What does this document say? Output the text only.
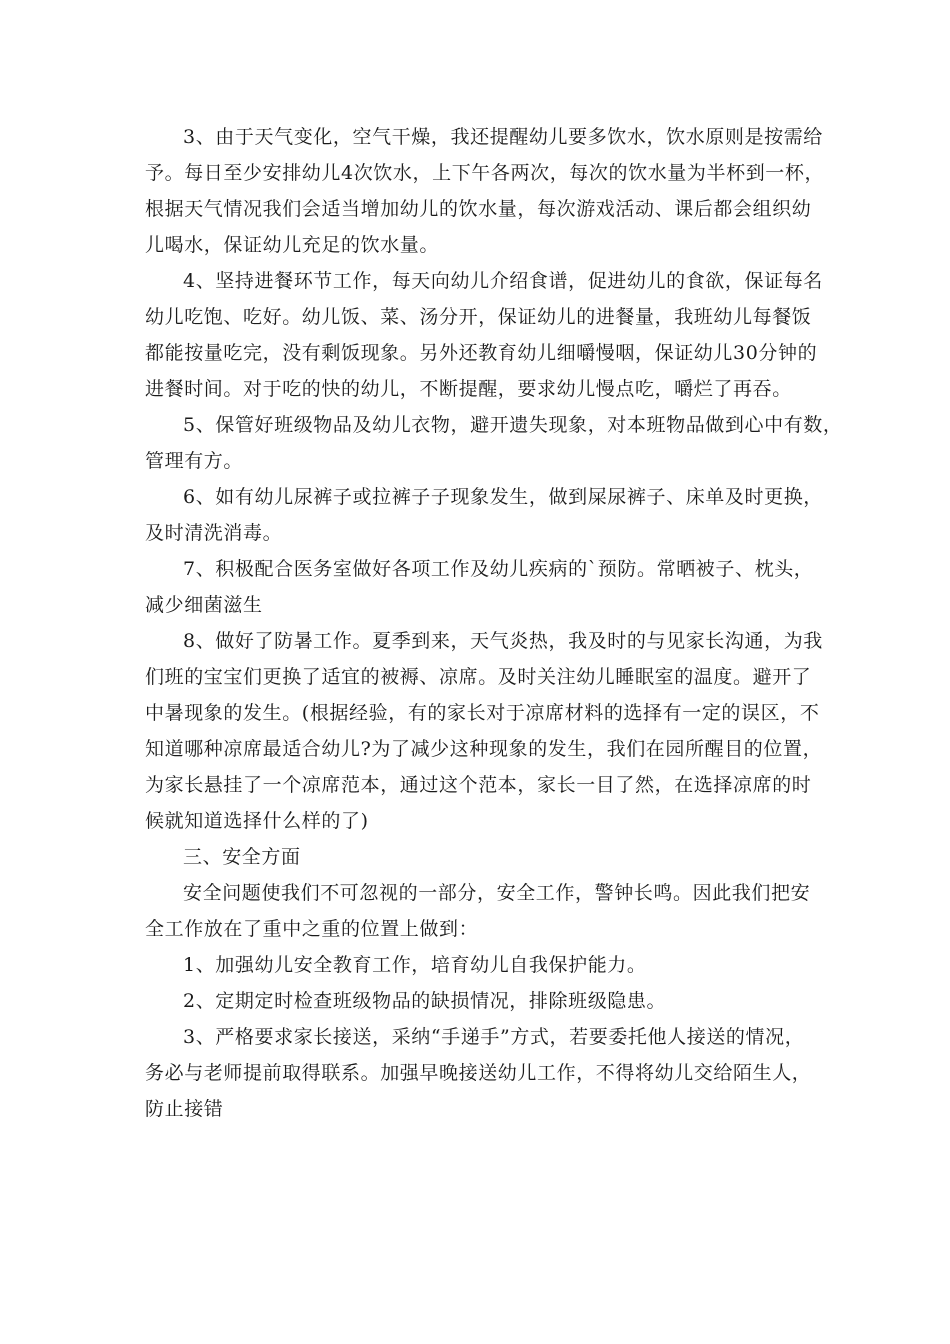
3、由于天气变化，空气干燥，我还提醒幼儿要多饮水，饮水原则是按需给
予。每日至少安排幼儿4次饮水，上下午各两次，每次的饮水量为半杯到一杯，
根据天气情况我们会适当增加幼儿的饮水量，每次游戏活动、课后都会组织幼
儿喝水，保证幼儿充足的饮水量。
4、坚持进餐环节工作，每天向幼儿介绍食谱，促进幼儿的食欲，保证每名
幼儿吃饱、吃好。幼儿饭、菜、汤分开，保证幼儿的进餐量，我班幼儿每餐饭
都能按量吃完，没有剩饭现象。另外还教育幼儿细嚼慢咽，保证幼儿30分钟的
进餐时间。对于吃的快的幼儿，不断提醒，要求幼儿慢点吃，嚼烂了再吞。
5、保管好班级物品及幼儿衣物，避开遗失现象，对本班物品做到心中有数，
管理有方。
6、如有幼儿尿裤子或拉裤子子现象发生，做到屎尿裤子、床单及时更换，
及时清洗消毒。
7、积极配合医务室做好各项工作及幼儿疾病的`预防。常晒被子、枕头，
减少细菌滋生
8、做好了防暑工作。夏季到来，天气炎热，我及时的与见家长沟通，为我
们班的宝宝们更换了适宜的被褥、凉席。及时关注幼儿睡眠室的温度。避开了
中暑现象的发生。(根据经验，有的家长对于凉席材料的选择有一定的误区，不
知道哪种凉席最适合幼儿?为了减少这种现象的发生，我们在园所醒目的位置，
为家长悬挂了一个凉席范本，通过这个范本，家长一目了然，在选择凉席的时
候就知道选择什么样的了)
三、安全方面
安全问题使我们不可忽视的一部分，安全工作，警钟长鸣。因此我们把安
全工作放在了重中之重的位置上做到：
1、加强幼儿安全教育工作，培育幼儿自我保护能力。
2、定期定时检查班级物品的缺损情况，排除班级隐患。
3、严格要求家长接送，采纳“手递手”方式，若要委托他人接送的情况，
务必与老师提前取得联系。加强早晚接送幼儿工作，不得将幼儿交给陌生人，
防止接错
